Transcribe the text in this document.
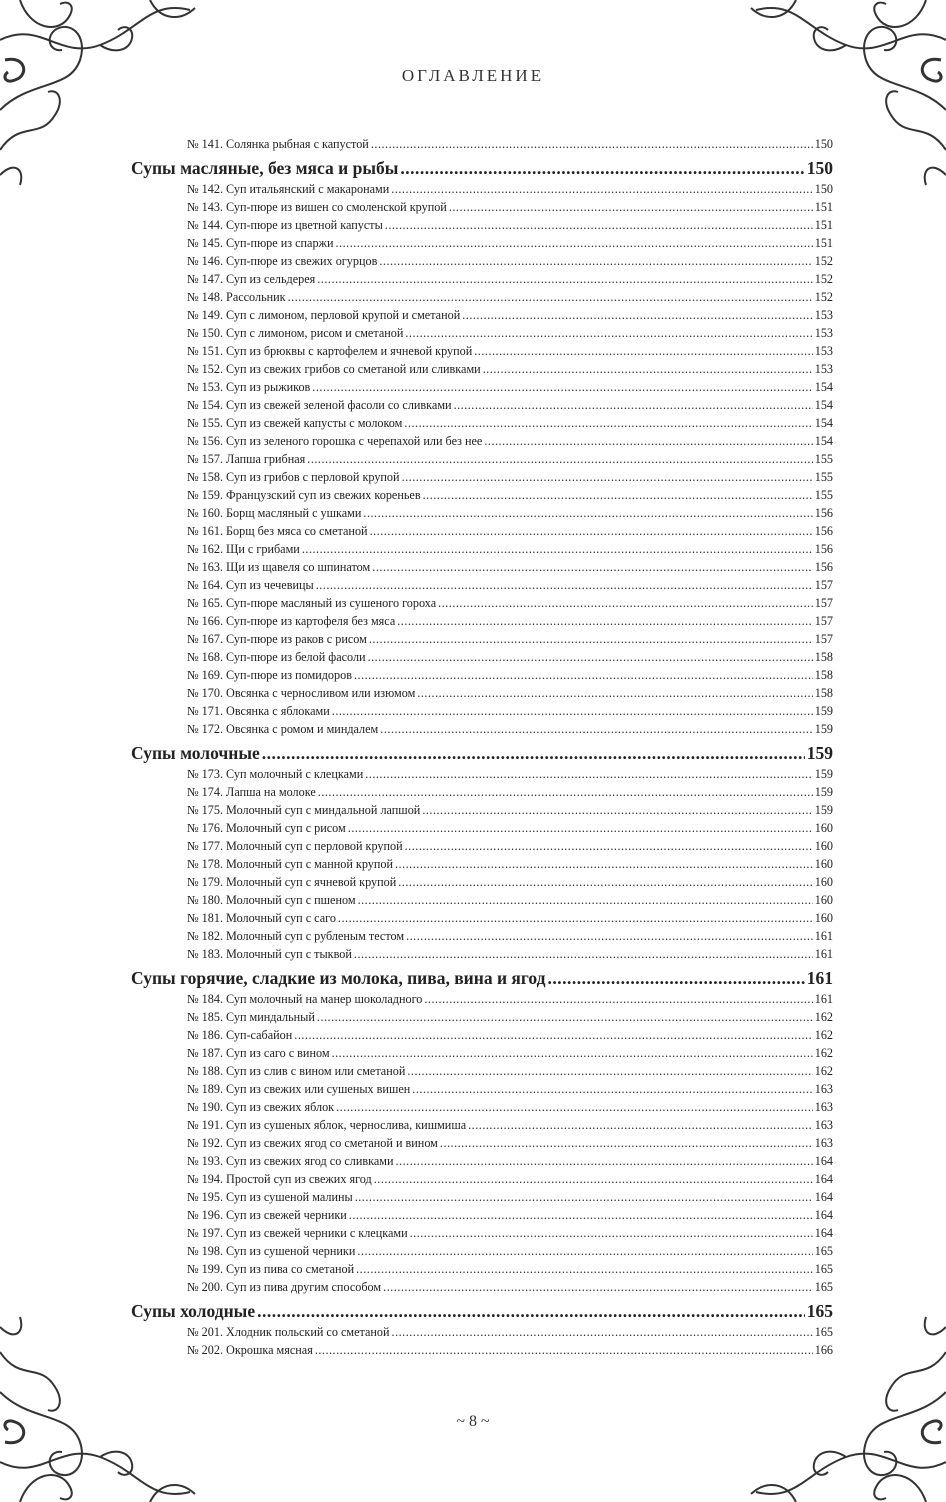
ОГЛАВЛЕНИЕ
№ 141. Солянка рыбная с капустой .....	150
Супы масляные, без мяса и рыбы .....	150
№ 142. Суп итальянский с макаронами .....	150
№ 143. Суп-пюре из вишен со смоленской крупой .....	151
№ 144. Суп-пюре из цветной капусты .....	151
№ 145. Суп-пюре из спаржи .....	151
№ 146. Суп-пюре из свежих огурцов .....	152
№ 147. Суп из сельдерея .....	152
№ 148. Рассольник .....	152
№ 149. Суп с лимоном, перловой крупой и сметаной .....	153
№ 150. Суп с лимоном, рисом и сметаной .....	153
№ 151. Суп из брюквы с картофелем и ячневой крупой .....	153
№ 152. Суп из свежих грибов со сметаной или сливками .....	153
№ 153. Суп из рыжиков .....	154
№ 154. Суп из свежей зеленой фасоли со сливками .....	154
№ 155. Суп из свежей капусты с молоком .....	154
№ 156. Суп из зеленого горошка с черепахой или без нее .....	154
№ 157. Лапша грибная .....	155
№ 158. Суп из грибов с перловой крупой .....	155
№ 159. Французский суп из свежих кореньев .....	155
№ 160. Борщ масляный с ушками .....	156
№ 161. Борщ без мяса со сметаной .....	156
№ 162. Щи с грибами .....	156
№ 163. Щи из щавеля со шпинатом .....	156
№ 164. Суп из чечевицы .....	157
№ 165. Суп-пюре масляный из сушеного гороха .....	157
№ 166. Суп-пюре из картофеля без мяса .....	157
№ 167. Суп-пюре из раков с рисом .....	157
№ 168. Суп-пюре из белой фасоли .....	158
№ 169. Суп-пюре из помидоров .....	158
№ 170. Овсянка с черносливом или изюмом .....	158
№ 171. Овсянка с яблоками .....	159
№ 172. Овсянка с ромом и миндалем .....	159
Супы молочные .....	159
№ 173. Суп молочный с клецками .....	159
№ 174. Лапша на молоке .....	159
№ 175. Молочный суп с миндальной лапшой .....	159
№ 176. Молочный суп с рисом .....	160
№ 177. Молочный суп с перловой крупой .....	160
№ 178. Молочный суп с манной крупой .....	160
№ 179. Молочный суп с ячневой крупой .....	160
№ 180. Молочный суп с пшеном .....	160
№ 181. Молочный суп с саго .....	160
№ 182. Молочный суп с рубленым тестом .....	161
№ 183. Молочный суп с тыквой .....	161
Супы горячие, сладкие из молока, пива, вина и ягод .....	161
№ 184. Суп молочный на манер шоколадного .....	161
№ 185. Суп миндальный .....	162
№ 186. Суп-сабайон .....	162
№ 187. Суп из саго с вином .....	162
№ 188. Суп из слив с вином или сметаной .....	162
№ 189. Суп из свежих или сушеных вишен .....	163
№ 190. Суп из свежих яблок .....	163
№ 191. Суп из сушеных яблок, чернослива, кишмиша .....	163
№ 192. Суп из свежих ягод со сметаной и вином .....	163
№ 193. Суп из свежих ягод со сливками .....	164
№ 194. Простой суп из свежих ягод .....	164
№ 195. Суп из сушеной малины .....	164
№ 196. Суп из свежей черники .....	164
№ 197. Суп из свежей черники с клецками .....	164
№ 198. Суп из сушеной черники .....	165
№ 199. Суп из пива со сметаной .....	165
№ 200. Суп из пива другим способом .....	165
Супы холодные .....	165
№ 201. Хлодник польский со сметаной .....	165
№ 202. Окрошка мясная .....	166
~ 8 ~
